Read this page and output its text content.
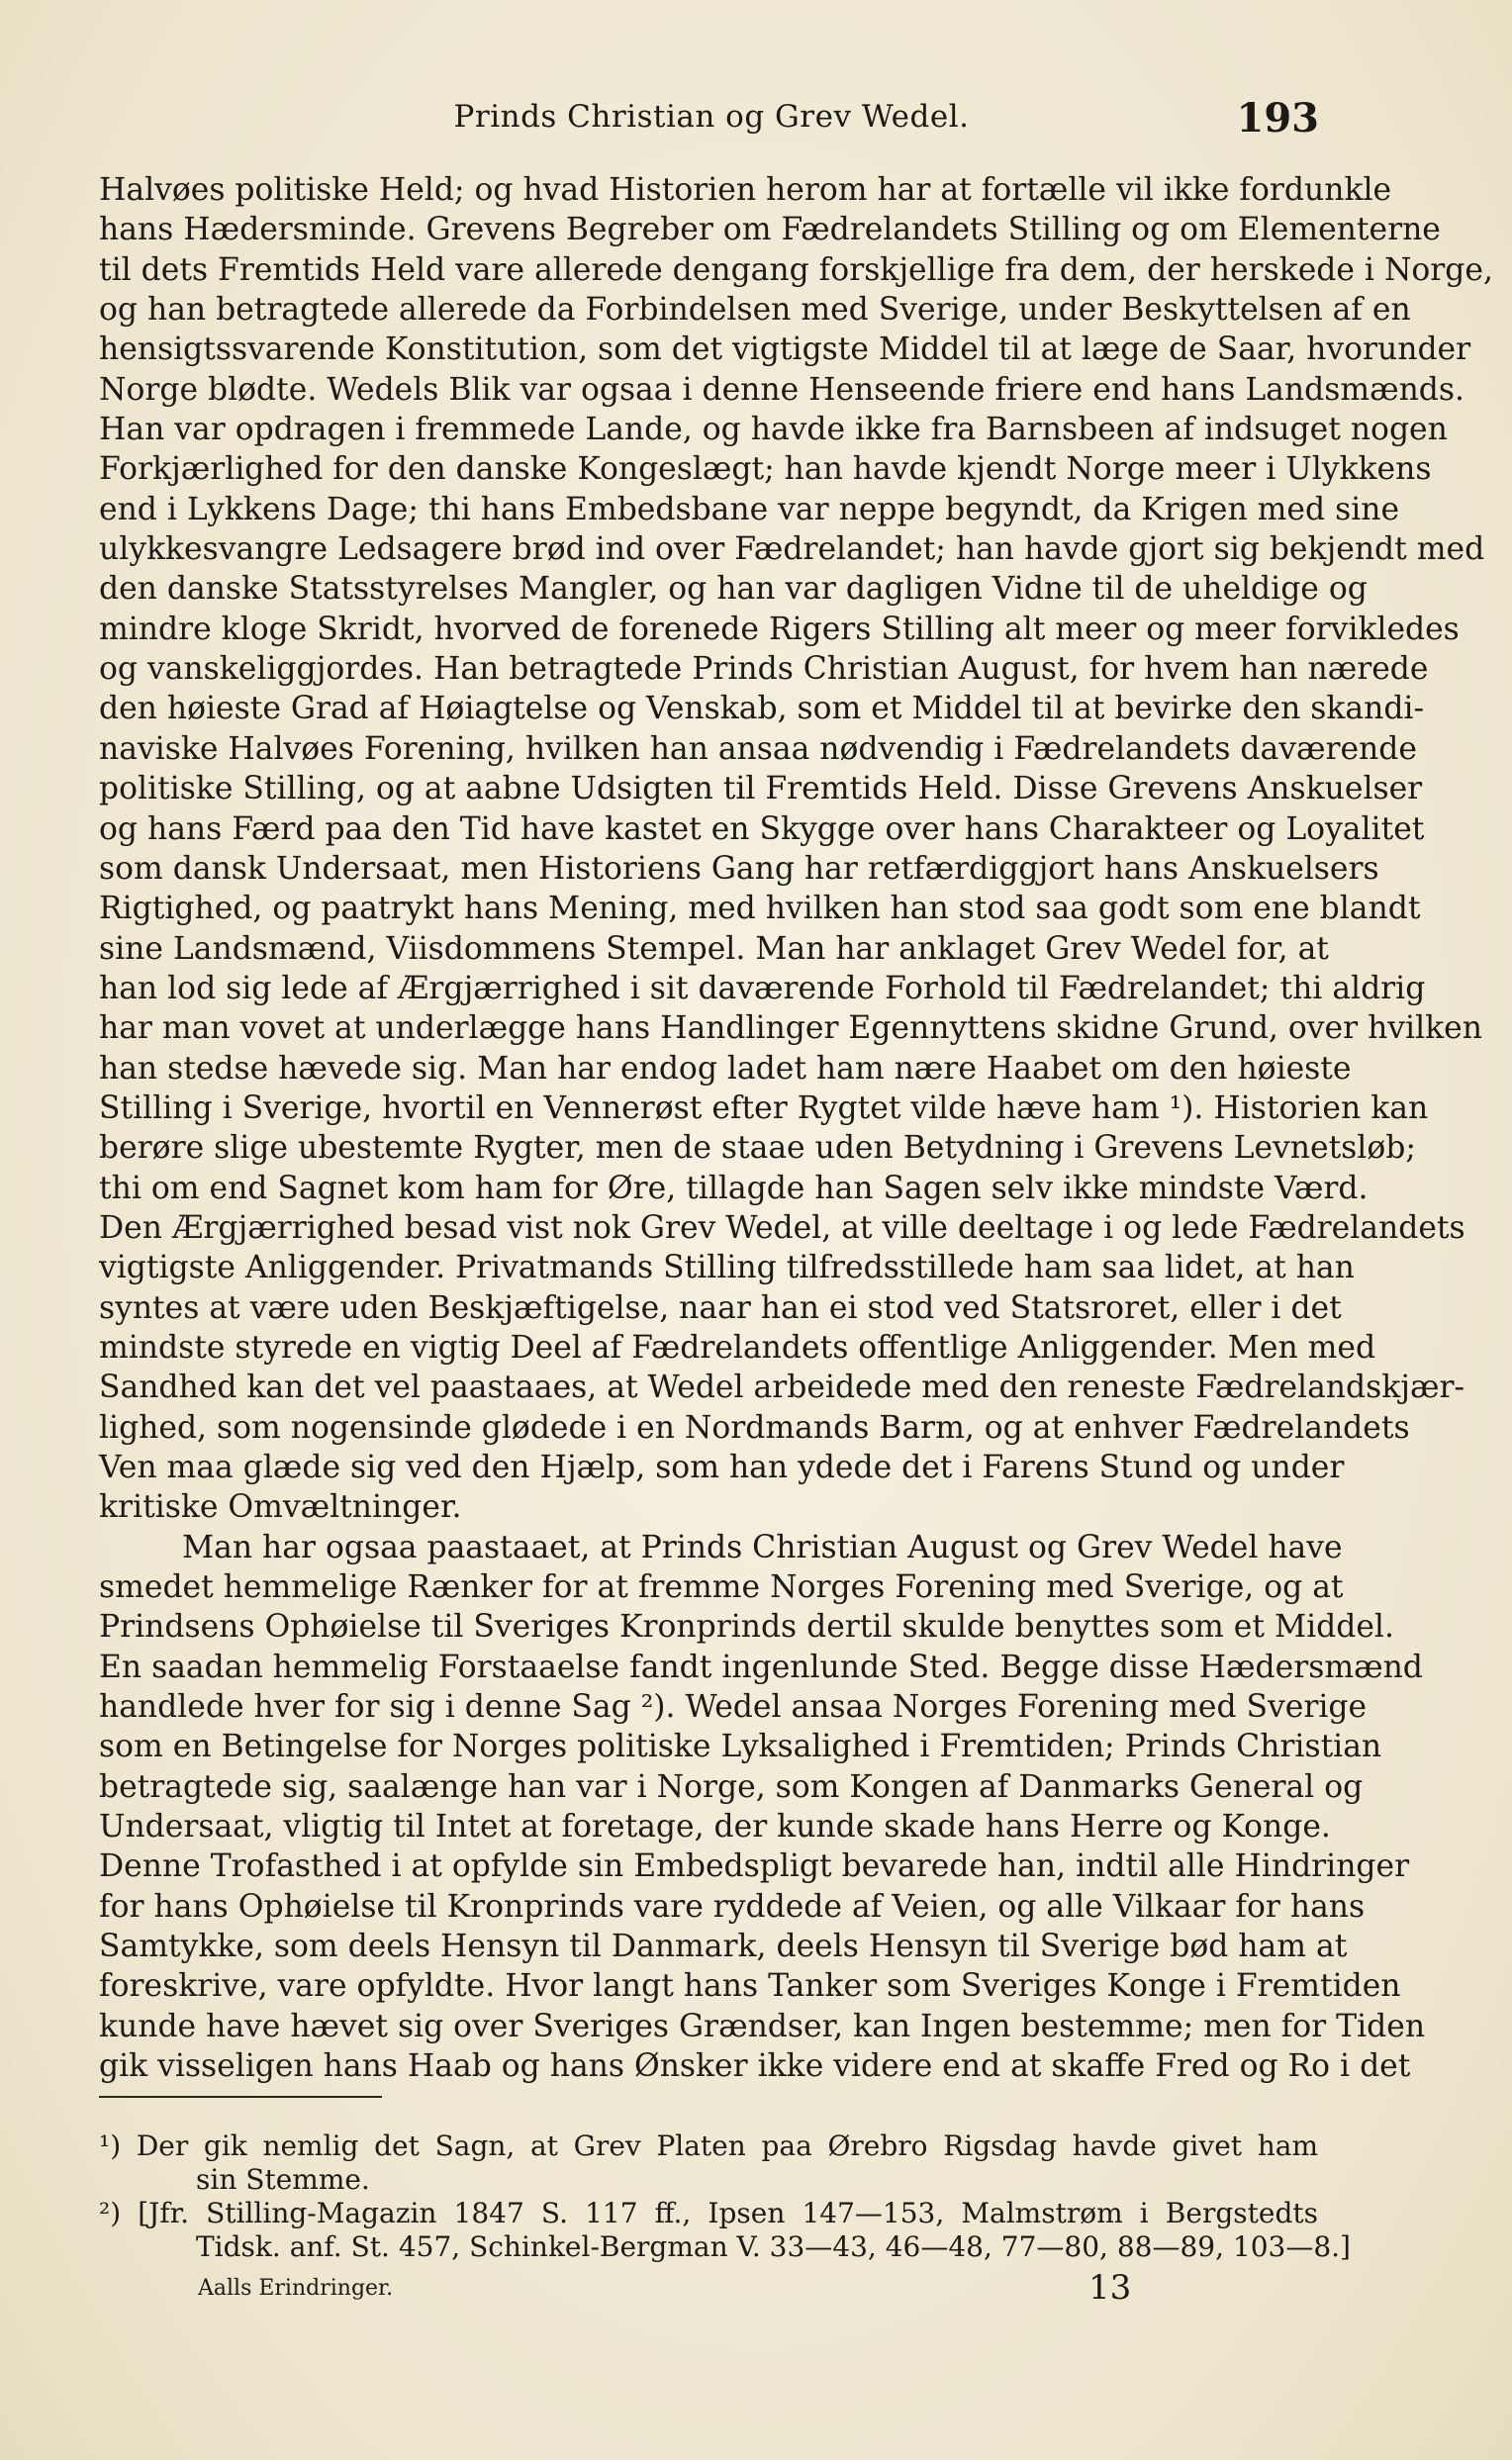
Prinds Christian og Grev Wedel.	193
Halvøes politiske Held; og hvad Historien herom har at fortælle vil ikke fordunkle
hans Hædersminde. Grevens Begreber om Fædrelandets Stilling og om Elementerne
til dets Fremtids Held vare allerede dengang forskjellige fra dem, der herskede i Norge,
og han betragtede allerede da Forbindelsen med Sverige, under Beskyttelsen af en
hensigtssvarende Konstitution, som det vigtigste Middel til at læge de Saar, hvorunder
Norge blødte. Wedels Blik var ogsaa i denne Henseende friere end hans Landsmænds.
Han var opdragen i fremmede Lande, og havde ikke fra Barnsbeen af indsuget nogen
Forkjærlighed for den danske Kongeslægt; han havde kjendt Norge meer i Ulykkens
end i Lykkens Dage; thi hans Embedsbane var neppe begyndt, da Krigen med sine
ulykkesvangre Ledsagere brød ind over Fædrelandet; han havde gjort sig bekjendt med
den danske Statsstyrelses Mangler, og han var dagligen Vidne til de uheldige og
mindre kloge Skridt, hvorved de forenede Rigers Stilling alt meer og meer forvikledes
og vanskeliggjordes. Han betragtede Prinds Christian August, for hvem han nærede
den høieste Grad af Høiagtelse og Venskab, som et Middel til at bevirke den skandi-
naviske Halvøes Forening, hvilken han ansaa nødvendig i Fædrelandets daværende
politiske Stilling, og at aabne Udsigten til Fremtids Held. Disse Grevens Anskuelser
og hans Færd paa den Tid have kastet en Skygge over hans Charakteer og Loyalitet
som dansk Undersaat, men Historiens Gang har retfærdiggjort hans Anskuelsers
Rigtighed, og paatrykt hans Mening, med hvilken han stod saa godt som ene blandt
sine Landsmænd, Viisdommens Stempel. Man har anklaget Grev Wedel for, at
han lod sig lede af Ærgjærrighed i sit daværende Forhold til Fædrelandet; thi aldrig
har man vovet at underlægge hans Handlinger Egennyttens skidne Grund, over hvilken
han stedse hævede sig. Man har endog ladet ham nære Haabet om den høieste
Stilling i Sverige, hvortil en Vennerøst efter Rygtet vilde hæve ham ¹). Historien kan
berøre slige ubestemte Rygter, men de staae uden Betydning i Grevens Levnetsløb;
thi om end Sagnet kom ham for Øre, tillagde han Sagen selv ikke mindste Værd.
Den Ærgjærrighed besad vist nok Grev Wedel, at ville deeltage i og lede Fædrelandets
vigtigste Anliggender. Privatmands Stilling tilfredsstillede ham saa lidet, at han
syntes at være uden Beskjæftigelse, naar han ei stod ved Statsroret, eller i det
mindste styrede en vigtig Deel af Fædrelandets offentlige Anliggender. Men med
Sandhed kan det vel paastaaes, at Wedel arbeidede med den reneste Fædrelandskjær-
lighed, som nogensinde glødede i en Nordmands Barm, og at enhver Fædrelandets
Ven maa glæde sig ved den Hjælp, som han ydede det i Farens Stund og under
kritiske Omvæltninger.
Man har ogsaa paastaaet, at Prinds Christian August og Grev Wedel have
smedet hemmelige Rænker for at fremme Norges Forening med Sverige, og at
Prindsens Ophøielse til Sveriges Kronprinds dertil skulde benyttes som et Middel.
En saadan hemmelig Forstaaelse fandt ingenlunde Sted. Begge disse Hædersmænd
handlede hver for sig i denne Sag ²). Wedel ansaa Norges Forening med Sverige
som en Betingelse for Norges politiske Lyksalighed i Fremtiden; Prinds Christian
betragtede sig, saalænge han var i Norge, som Kongen af Danmarks General og
Undersaat, vligtig til Intet at foretage, der kunde skade hans Herre og Konge.
Denne Trofasthed i at opfylde sin Embedspligt bevarede han, indtil alle Hindringer
for hans Ophøielse til Kronprinds vare ryddede af Veien, og alle Vilkaar for hans
Samtykke, som deels Hensyn til Danmark, deels Hensyn til Sverige bød ham at
foreskrive, vare opfyldte. Hvor langt hans Tanker som Sveriges Konge i Fremtiden
kunde have hævet sig over Sveriges Grændser, kan Ingen bestemme; men for Tiden
gik visseligen hans Haab og hans Ønsker ikke videre end at skaffe Fred og Ro i det
¹) Der gik nemlig det Sagn, at Grev Platen paa Ørebro Rigsdag havde givet ham
sin Stemme.
²) [Jfr. Stilling-Magazin 1847 S. 117 ff., Ipsen 147—153, Malmstrøm i Bergstedts
Tidsk. anf. St. 457, Schinkel-Bergman V. 33—43, 46—48, 77—80, 88—89, 103—8.]
Aalls Erindringer.	13
